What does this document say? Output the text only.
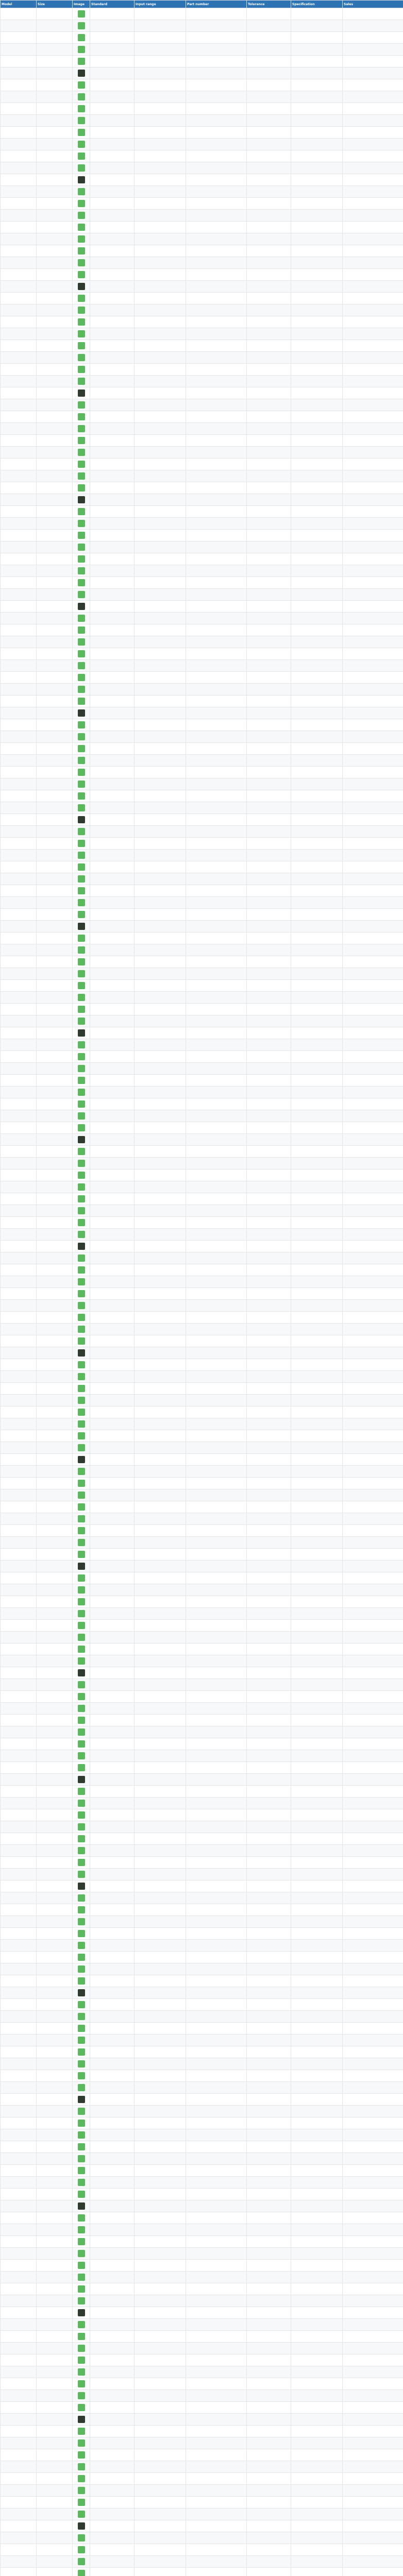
Model	Size	Image	Standard	Input range	Part number	Tolerance	Specification	Sales
